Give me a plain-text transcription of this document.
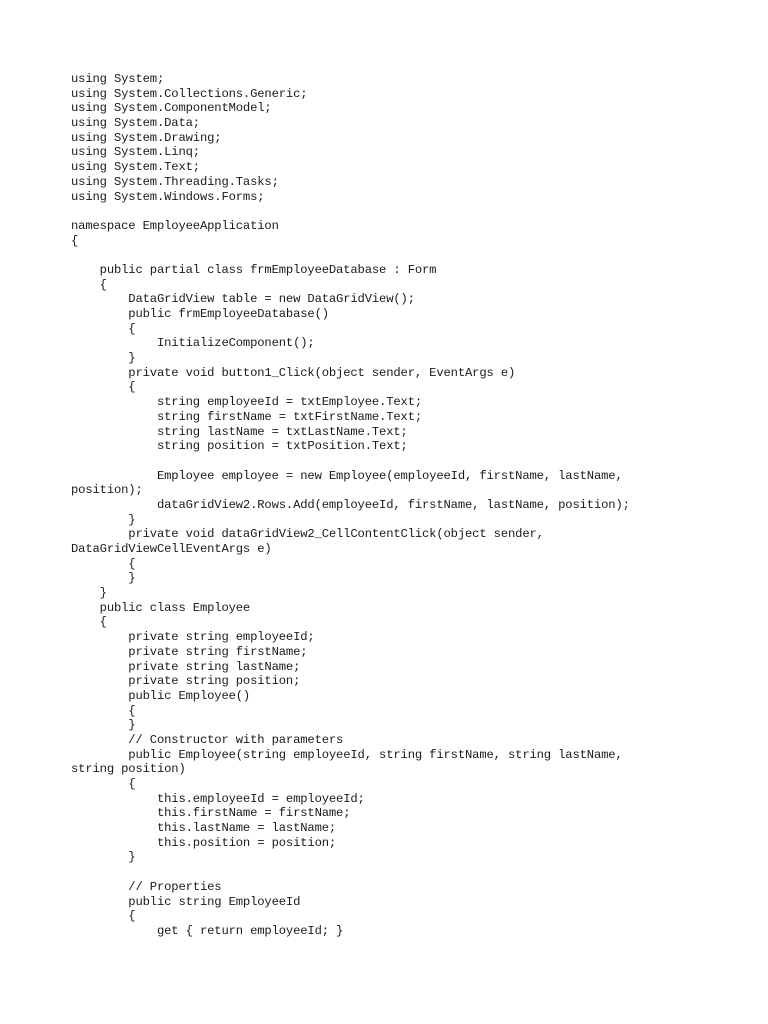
using System;
using System.Collections.Generic;
using System.ComponentModel;
using System.Data;
using System.Drawing;
using System.Linq;
using System.Text;
using System.Threading.Tasks;
using System.Windows.Forms;
namespace EmployeeApplication
{
public partial class frmEmployeeDatabase : Form
{
DataGridView table = new DataGridView();
public frmEmployeeDatabase()
{
InitializeComponent();
}
private void button1_Click(object sender, EventArgs e)
{
string employeeId = txtEmployee.Text;
string firstName = txtFirstName.Text;
string lastName = txtLastName.Text;
string position = txtPosition.Text;
Employee employee = new Employee(employeeId, firstName, lastName,
position);
dataGridView2.Rows.Add(employeeId, firstName, lastName, position);
}
private void dataGridView2_CellContentClick(object sender,
DataGridViewCellEventArgs e)
{
}
}
public class Employee
{
private string employeeId;
private string firstName;
private string lastName;
private string position;
public Employee()
{
}
// Constructor with parameters
public Employee(string employeeId, string firstName, string lastName,
string position)
{
this.employeeId = employeeId;
this.firstName = firstName;
this.lastName = lastName;
this.position = position;
}
// Properties
public string EmployeeId
{
get { return employeeId; }
